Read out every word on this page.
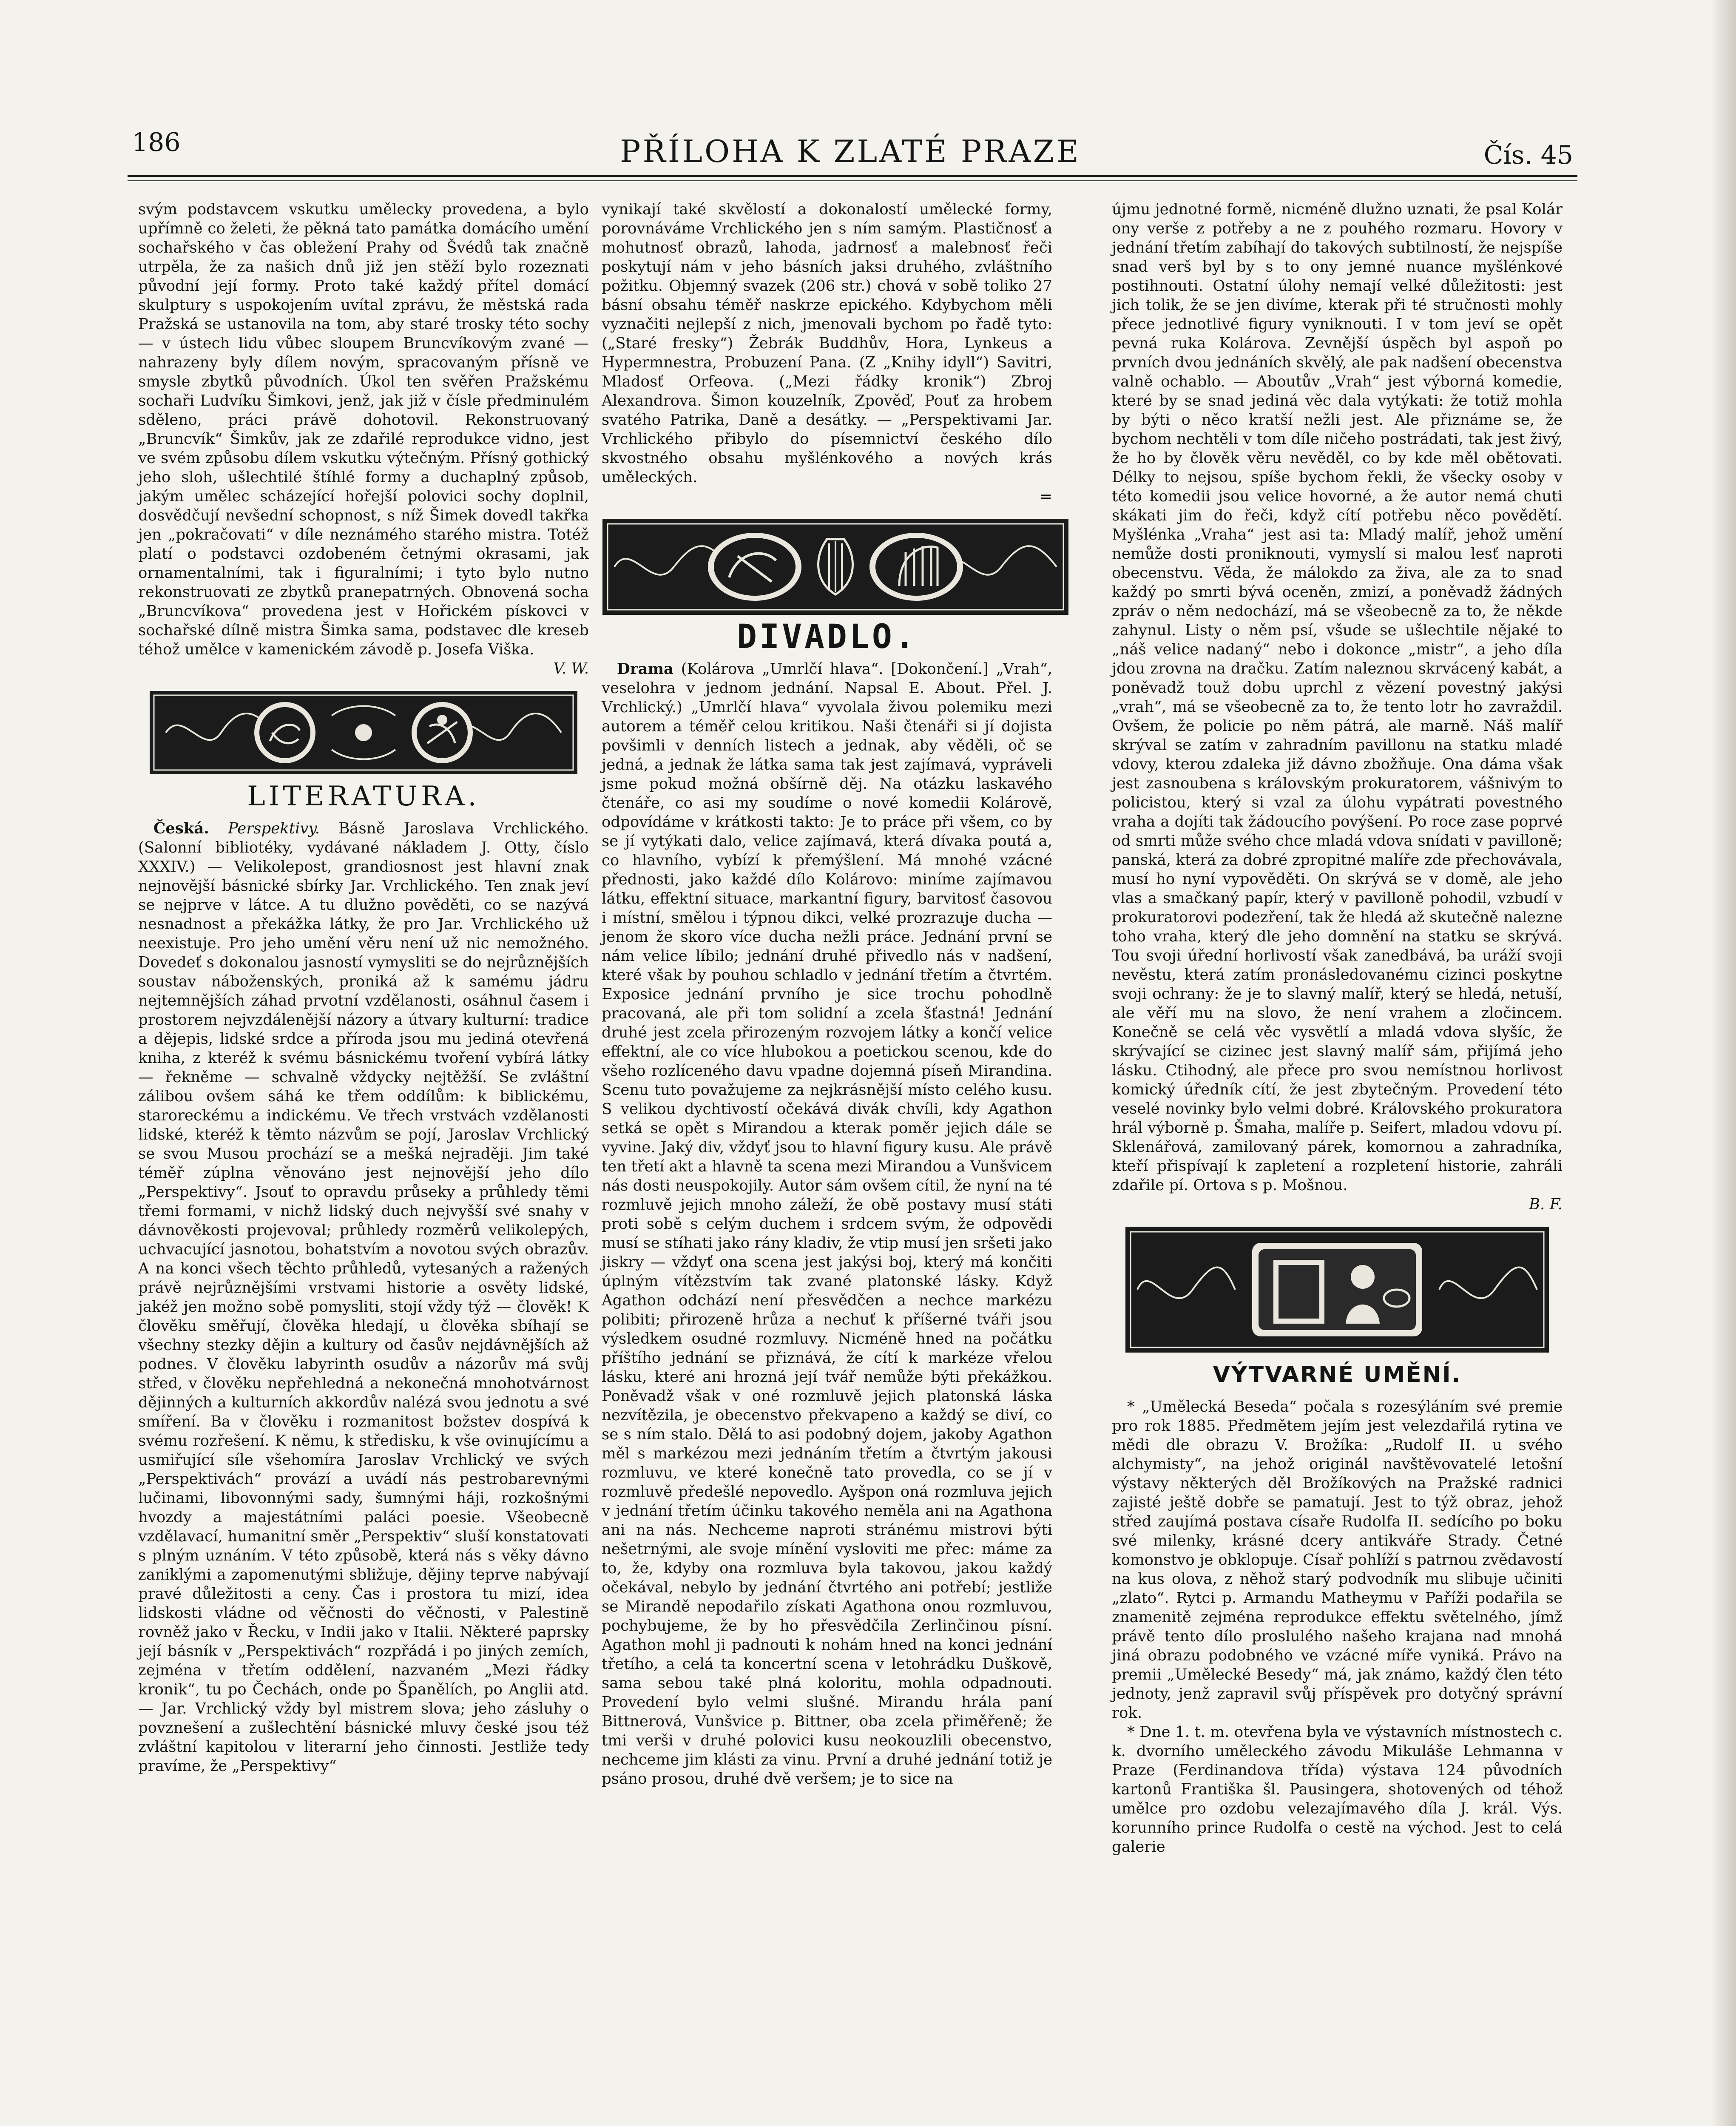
186	PŘÍLOHA K ZLATÉ PRAZE	Čís. 45

svým podstavcem vskutku umělecky provedena, a bylo upřímně co želeti, že pěkná tato památka domácího umění sochařského v čas obležení Prahy od Švédů tak značně utrpěla, že za našich dnů již jen stěží bylo rozeznati původní její formy. Proto také každý přítel domácí skulptury s uspokojením uvítal zprávu, že městská rada Pražská se ustanovila na tom, aby staré trosky této sochy — v ústech lidu vůbec sloupem Bruncvíkovým zvané — nahrazeny byly dílem novým, spracovaným přísně ve smysle zbytků původních. Úkol ten svěřen Pražskému sochaři Ludvíku Šimkovi, jenž, jak již v čísle předminulém sděleno, práci právě dohotovil. Rekonstruovaný „Bruncvík“ Šimkův, jak ze zdařilé reprodukce vidno, jest ve svém způsobu dílem vskutku výtečným. Přísný gothický jeho sloh, ušlechtilé štíhlé formy a duchaplný způsob, jakým umělec scházející hořejší polovici sochy doplnil, dosvědčují nevšední schopnost, s níž Šimek dovedl takřka jen „pokračovati“ v díle neznámého starého mistra. Totéž platí o podstavci ozdobeném četnými okrasami, jak ornamentalními, tak i figuralními; i tyto bylo nutno rekonstruovati ze zbytků pranepatrných. Obnovená socha „Bruncvíkova“ provedena jest v Hořickém pískovci v sochařské dílně mistra Šimka sama, podstavec dle kreseb téhož umělce v kamenickém závodě p. Josefa Viška.

V. W.

LITERATURA.

Česká. Perspektivy. Básně Jaroslava Vrchlického. (Salonní bibliotéky, vydávané nákladem J. Otty, číslo XXXIV.) — Velikolepost, grandiosnost jest hlavní znak nejnovější básnické sbírky Jar. Vrchlického. Ten znak jeví se nejprve v látce. A tu dlužno pověděti, co se nazývá nesnadnost a překážka látky, že pro Jar. Vrchlického už neexistuje. Pro jeho umění věru není už nic nemožného. Dovedeť s dokonalou jasností vymysliti se do nejrůznějších soustav náboženských, proniká až k samému jádru nejtemnějších záhad prvotní vzdělanosti, osáhnul časem i prostorem nejvzdálenější názory a útvary kulturní: tradice a dějepis, lidské srdce a příroda jsou mu jediná otevřená kniha, z kteréž k svému básnickému tvoření vybírá látky — řekněme — schvalně vždycky nejtěžší. Se zvláštní zálibou ovšem sáhá ke třem oddílům: k biblickému, staroreckému a indickému. Ve třech vrstvách vzdělanosti lidské, kteréž k těmto názvům se pojí, Jaroslav Vrchlický se svou Musou prochází se a mešká nejraději. Jim také téměř zúplna věnováno jest nejnovější jeho dílo „Perspektivy“. Jsouť to opravdu průseky a průhledy těmi třemi formami, v nichž lidský duch nejvyšší své snahy v dávnověkosti projevoval; průhledy rozměrů velikolepých, uchvacující jasnotou, bohatstvím a novotou svých obrazův. A na konci všech těchto průhledů, vytesaných a ražených právě nejrůznějšími vrstvami historie a osvěty lidské, jakéž jen možno sobě pomysliti, stojí vždy týž — člověk! K člověku směřují, člověka hledají, u člověka sbíhají se všechny stezky dějin a kultury od časův nejdávnějších až podnes. V člověku labyrinth osudův a názorův má svůj střed, v člověku nepřehledná a nekonečná mnohotvárnost dějinných a kulturních akkordův nalézá svou jednotu a své smíření. Ba v člověku i rozmanitost božstev dospívá k svému rozřešení. K němu, k středisku, k vše ovinujícímu a usmiřující síle všehomíra Jaroslav Vrchlický ve svých „Perspektivách“ provází a uvádí nás pestrobarevnými lučinami, libovonnými sady, šumnými háji, rozkošnými hvozdy a majestátními paláci poesie. Všeobecně vzdělavací, humanitní směr „Perspektiv“ sluší konstatovati s plným uznáním. V této způsobě, která nás s věky dávno zaniklými a zapomenutými sbližuje, dějiny teprve nabývají pravé důležitosti a ceny. Čas i prostora tu mizí, idea lidskosti vládne od věčnosti do věčnosti, v Palestině rovněž jako v Řecku, v Indii jako v Italii. Některé paprsky její básník v „Perspektivách“ rozpřádá i po jiných zemích, zejména v třetím oddělení, nazvaném „Mezi řádky kronik“, tu po Čechách, onde po Španělích, po Anglii atd. — Jar. Vrchlický vždy byl mistrem slova; jeho zásluhy o povznešení a zušlechtění básnické mluvy české jsou též zvláštní kapitolou v literarní jeho činnosti. Jestliže tedy pravíme, že „Perspektivy“

vynikají také skvělostí a dokonalostí umělecké formy, porovnáváme Vrchlického jen s ním samým. Plastičnosť a mohutnosť obrazů, lahoda, jadrnosť a malebnosť řeči poskytují nám v jeho básních jaksi druhého, zvláštního požitku. Objemný svazek (206 str.) chová v sobě toliko 27 básní obsahu téměř naskrze epického. Kdybychom měli vyznačiti nejlepší z nich, jmenovali bychom po řadě tyto: („Staré fresky“) Žebrák Buddhův, Hora, Lynkeus a Hypermnestra, Probuzení Pana. (Z „Knihy idyll“) Savitri, Mladosť Orfeova. („Mezi řádky kronik“) Zbroj Alexandrova. Šimon kouzelník, Zpověď, Pouť za hrobem svatého Patrika, Daně a desátky. — „Perspektivami Jar. Vrchlického přibylo do písemnictví českého dílo skvostného obsahu myšlénkového a nových krás uměleckých.

=

DIVADLO.

Drama (Kolárova „Umrlčí hlava“. [Dokončení.] „Vrah“, veselohra v jednom jednání. Napsal E. About. Přel. J. Vrchlický.) „Umrlčí hlava“ vyvolala živou polemiku mezi autorem a téměř celou kritikou. Naši čtenáři si jí dojista povšimli v denních listech a jednak, aby věděli, oč se jedná, a jednak že látka sama tak jest zajímavá, vypráveli jsme pokud možná obšírně děj. Na otázku laskavého čtenáře, co asi my soudíme o nové komedii Kolárově, odpovídáme v krátkosti takto: Je to práce při všem, co by se jí vytýkati dalo, velice zajímavá, která dívaka poutá a, co hlavního, vybízí k přemýšlení. Má mnohé vzácné přednosti, jako každé dílo Kolárovo: miníme zajímavou látku, effektní situace, markantní figury, barvitosť časovou i místní, smělou i týpnou dikci, velké prozrazuje ducha — jenom že skoro více ducha nežli práce. Jednání první se nám velice líbilo; jednání druhé přivedlo nás v nadšení, které však by pouhou schladlo v jednání třetím a čtvrtém. Exposice jednání prvního je sice trochu pohodlně pracovaná, ale při tom solidní a zcela šťastná! Jednání druhé jest zcela přirozeným rozvojem látky a končí velice effektní, ale co více hlubokou a poetickou scenou, kde do všeho rozlíceného davu vpadne dojemná píseň Mirandina. Scenu tuto považujeme za nejkrásnější místo celého kusu. S velikou dychtivostí očekává divák chvíli, kdy Agathon setká se opět s Mirandou a kterak poměr jejich dále se vyvine. Jaký div, vždyť jsou to hlavní figury kusu. Ale právě ten třetí akt a hlavně ta scena mezi Mirandou a Vunšvicem nás dosti neuspokojily. Autor sám ovšem cítil, že nyní na té rozmluvě jejich mnoho záleží, že obě postavy musí státi proti sobě s celým duchem i srdcem svým, že odpovědi musí se stíhati jako rány kladiv, že vtip musí jen sršeti jako jiskry — vždyť ona scena jest jakýsi boj, který má končiti úplným vítězstvím tak zvané platonské lásky. Když Agathon odchází není přesvědčen a nechce markézu polibiti; přirozeně hrůza a nechuť k příšerné tváři jsou výsledkem osudné rozmluvy. Nicméně hned na počátku příštího jednání se přiznává, že cítí k markéze vřelou lásku, které ani hrozná její tvář nemůže býti překážkou. Poněvadž však v oné rozmluvě jejich platonská láska nezvítězila, je obecenstvo překvapeno a každý se diví, co se s ním stalo. Dělá to asi podobný dojem, jakoby Agathon měl s markézou mezi jednáním třetím a čtvrtým jakousi rozmluvu, ve které konečně tato provedla, co se jí v rozmluvě předešlé nepovedlo. Ayšpon oná rozmluva jejich v jednání třetím účinku takového neměla ani na Agathona ani na nás. Nechceme naproti stránému mistrovi býti nešetrnými, ale svoje mínění vysloviti me přec: máme za to, že, kdyby ona rozmluva byla takovou, jakou každý očekával, nebylo by jednání čtvrtého ani potřebí; jestliže se Mirandě nepodařilo získati Agathona onou rozmluvou, pochybujeme, že by ho přesvědčila Zerlinčinou písní. Agathon mohl ji padnouti k nohám hned na konci jednání třetího, a celá ta koncertní scena v letohrádku Duškově, sama sebou také plná koloritu, mohla odpadnouti. Provedení bylo velmi slušné. Mirandu hrála paní Bittnerová, Vunšvice p. Bittner, oba zcela přiměřeně; že tmi verši v druhé polovici kusu neokouzlili obecenstvo, nechceme jim klásti za vinu. První a druhé jednání totiž je psáno prosou, druhé dvě veršem; je to sice na

újmu jednotné formě, nicméně dlužno uznati, že psal Kolár ony verše z potřeby a ne z pouhého rozmaru. Hovory v jednání třetím zabíhají do takových subtilností, že nejspíše snad verš byl by s to ony jemné nuance myšlénkové postihnouti. Ostatní úlohy nemají velké důležitosti: jest jich tolik, že se jen divíme, kterak při té stručnosti mohly přece jednotlivé figury vyniknouti. I v tom jeví se opět pevná ruka Kolárova. Zevnější úspěch byl aspoň po prvních dvou jednáních skvělý, ale pak nadšení obecenstva valně ochablo. — Aboutův „Vrah“ jest výborná komedie, které by se snad jediná věc dala vytýkati: že totiž mohla by býti o něco kratší nežli jest. Ale přiznáme se, že bychom nechtěli v tom díle ničeho postrádati, tak jest živý, že ho by člověk věru nevěděl, co by kde měl obětovati. Délky to nejsou, spíše bychom řekli, že všecky osoby v této komedii jsou velice hovorné, a že autor nemá chuti skákati jim do řeči, když cítí potřebu něco povědětí. Myšlénka „Vraha“ jest asi ta: Mladý malíř, jehož umění nemůže dosti proniknouti, vymyslí si malou lesť naproti obecenstvu. Věda, že málokdo za živa, ale za to snad každý po smrti bývá oceněn, zmizí, a poněvadž žádných zpráv o něm nedochází, má se všeobecně za to, že někde zahynul. Listy o něm psí, všude se ušlechtile nějaké to „náš velice nadaný“ nebo i dokonce „mistr“, a jeho díla jdou zrovna na dračku. Zatím naleznou skrvácený kabát, a poněvadž touž dobu uprchl z vězení povestný jakýsi „vrah“, má se všeobecně za to, že tento lotr ho zavraždil. Ovšem, že policie po něm pátrá, ale marně. Náš malíř skrýval se zatím v zahradním pavillonu na statku mladé vdovy, kterou zdaleka již dávno zbožňuje. Ona dáma však jest zasnoubena s královským prokuratorem, vášnivým to policistou, který si vzal za úlohu vypátrati povestného vraha a dojíti tak žádoucího povýšení. Po roce zase poprvé od smrti může svého chce mladá vdova snídati v pavilloně; panská, která za dobré zpropitné malíře zde přechovávala, musí ho nyní vypověděti. On skrývá se v domě, ale jeho vlas a smačkaný papír, který v pavilloně pohodil, vzbudí v prokuratorovi podezření, tak že hledá až skutečně nalezne toho vraha, který dle jeho domnění na statku se skrývá. Tou svoji úřední horlivostí však zanedbává, ba uráží svoji nevěstu, která zatím pronásledovanému cizinci poskytne svoji ochrany: že je to slavný malíř, který se hledá, netuší, ale věří mu na slovo, že není vrahem a zločincem. Konečně se celá věc vysvětlí a mladá vdova slyšíc, že skrývající se cizinec jest slavný malíř sám, přijímá jeho lásku. Ctihodný, ale přece pro svou nemístnou horlivost komický úředník cítí, že jest zbytečným. Provedení této veselé novinky bylo velmi dobré. Královského prokuratora hrál výborně p. Šmaha, malíře p. Seifert, mladou vdovu pí. Sklenářová, zamilovaný párek, komornou a zahradníka, kteří přispívají k zapletení a rozpletení historie, zahráli zdařile pí. Ortova s p. Mošnou.

B. F.

VÝTVARNÉ UMĚNÍ.

* „Umělecká Beseda“ počala s rozesýláním své premie pro rok 1885. Předmětem jejím jest velezdařilá rytina ve mědi dle obrazu V. Brožíka: „Rudolf II. u svého alchymisty“, na jehož originál navštěvovatelé letošní výstavy některých děl Brožíkových na Pražské radnici zajisté ještě dobře se pamatují. Jest to týž obraz, jehož střed zaujímá postava císaře Rudolfa II. sedícího po boku své milenky, krásné dcery antikváře Strady. Četné komonstvo je obklopuje. Císař pohlíží s patrnou zvědavostí na kus olova, z něhož starý podvodník mu slibuje učiniti „zlato“. Rytci p. Armandu Matheymu v Paříži podařila se znamenitě zejména reprodukce effektu světelného, jímž právě tento dílo proslulého našeho krajana nad mnohá jiná obrazu podobného ve vzácné míře vyniká. Právo na premii „Umělecké Besedy“ má, jak známo, každý člen této jednoty, jenž zapravil svůj příspěvek pro dotyčný správní rok.

* Dne 1. t. m. otevřena byla ve výstavních místnostech c. k. dvorního uměleckého závodu Mikuláše Lehmanna v Praze (Ferdinandova třída) výstava 124 původních kartonů Františka šl. Pausingera, shotovených od téhož umělce pro ozdobu velezajímavého díla J. král. Výs. korunního prince Rudolfa o cestě na východ. Jest to celá galerie
